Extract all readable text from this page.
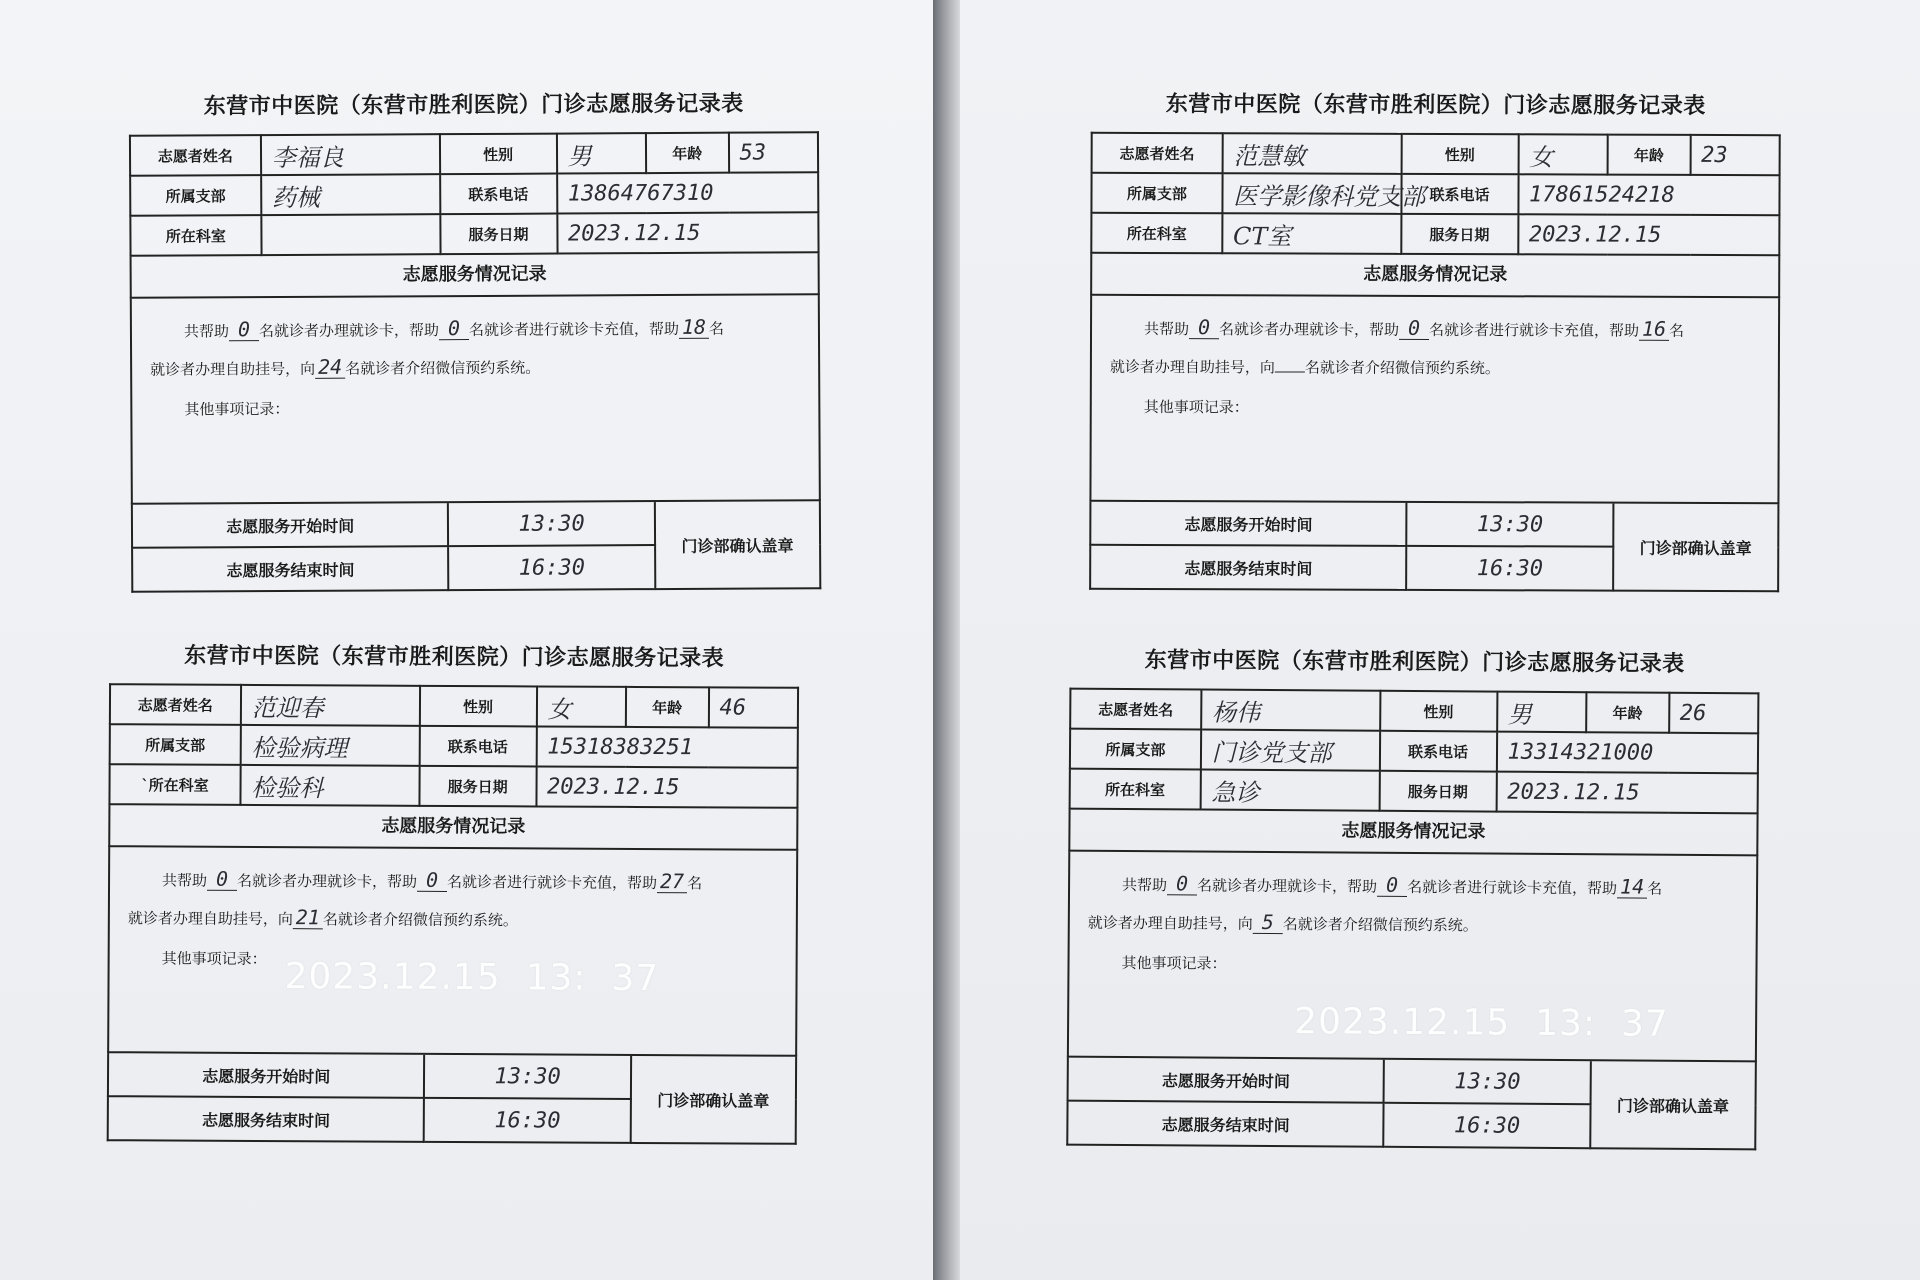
东营市中医院（东营市胜利医院）门诊志愿服务记录表
志愿者姓名	李福良	性别	男	年龄	53
所属支部	药械	联系电话	13864767310		
所在科室		服务日期	2023.12.15		
志愿服务情况记录
共帮助 0 名就诊者办理就诊卡，帮助 0 名就诊者进行就诊卡充值，帮助 18 名
就诊者办理自助挂号，向 24 名就诊者介绍微信预约系统。
其他事项记录：
志愿服务开始时间	13:30	门诊部确认盖章
志愿服务结束时间	16:30	
东营市中医院（东营市胜利医院）门诊志愿服务记录表
志愿者姓名	范慧敏	性别	女	年龄	23
所属支部	医学影像科党支部	联系电话	17861524218		
所在科室	CT室	服务日期	2023.12.15		
志愿服务情况记录
共帮助 0 名就诊者办理就诊卡，帮助 0 名就诊者进行就诊卡充值，帮助 16 名
就诊者办理自助挂号，向 名就诊者介绍微信预约系统。
其他事项记录：
志愿服务开始时间	13:30	门诊部确认盖章
志愿服务结束时间	16:30	
东营市中医院（东营市胜利医院）门诊志愿服务记录表
志愿者姓名	范迎春	性别	女	年龄	46
所属支部	检验病理	联系电话	15318383251		
`所在科室	检验科	服务日期	2023.12.15		
志愿服务情况记录
共帮助 0 名就诊者办理就诊卡，帮助 0 名就诊者进行就诊卡充值，帮助 27 名
就诊者办理自助挂号，向 21 名就诊者介绍微信预约系统。
其他事项记录： 2023.12.15  13:  37
志愿服务开始时间	13:30	门诊部确认盖章
志愿服务结束时间	16:30	
东营市中医院（东营市胜利医院）门诊志愿服务记录表
志愿者姓名	杨伟	性别	男	年龄	26
所属支部	门诊党支部	联系电话	13314321000		
所在科室	急诊	服务日期	2023.12.15		
志愿服务情况记录
共帮助 0 名就诊者办理就诊卡，帮助 0 名就诊者进行就诊卡充值，帮助 14 名
就诊者办理自助挂号，向 5 名就诊者介绍微信预约系统。
其他事项记录：
2023.12.15  13:  37
志愿服务开始时间	13:30	门诊部确认盖章
志愿服务结束时间	16:30	
